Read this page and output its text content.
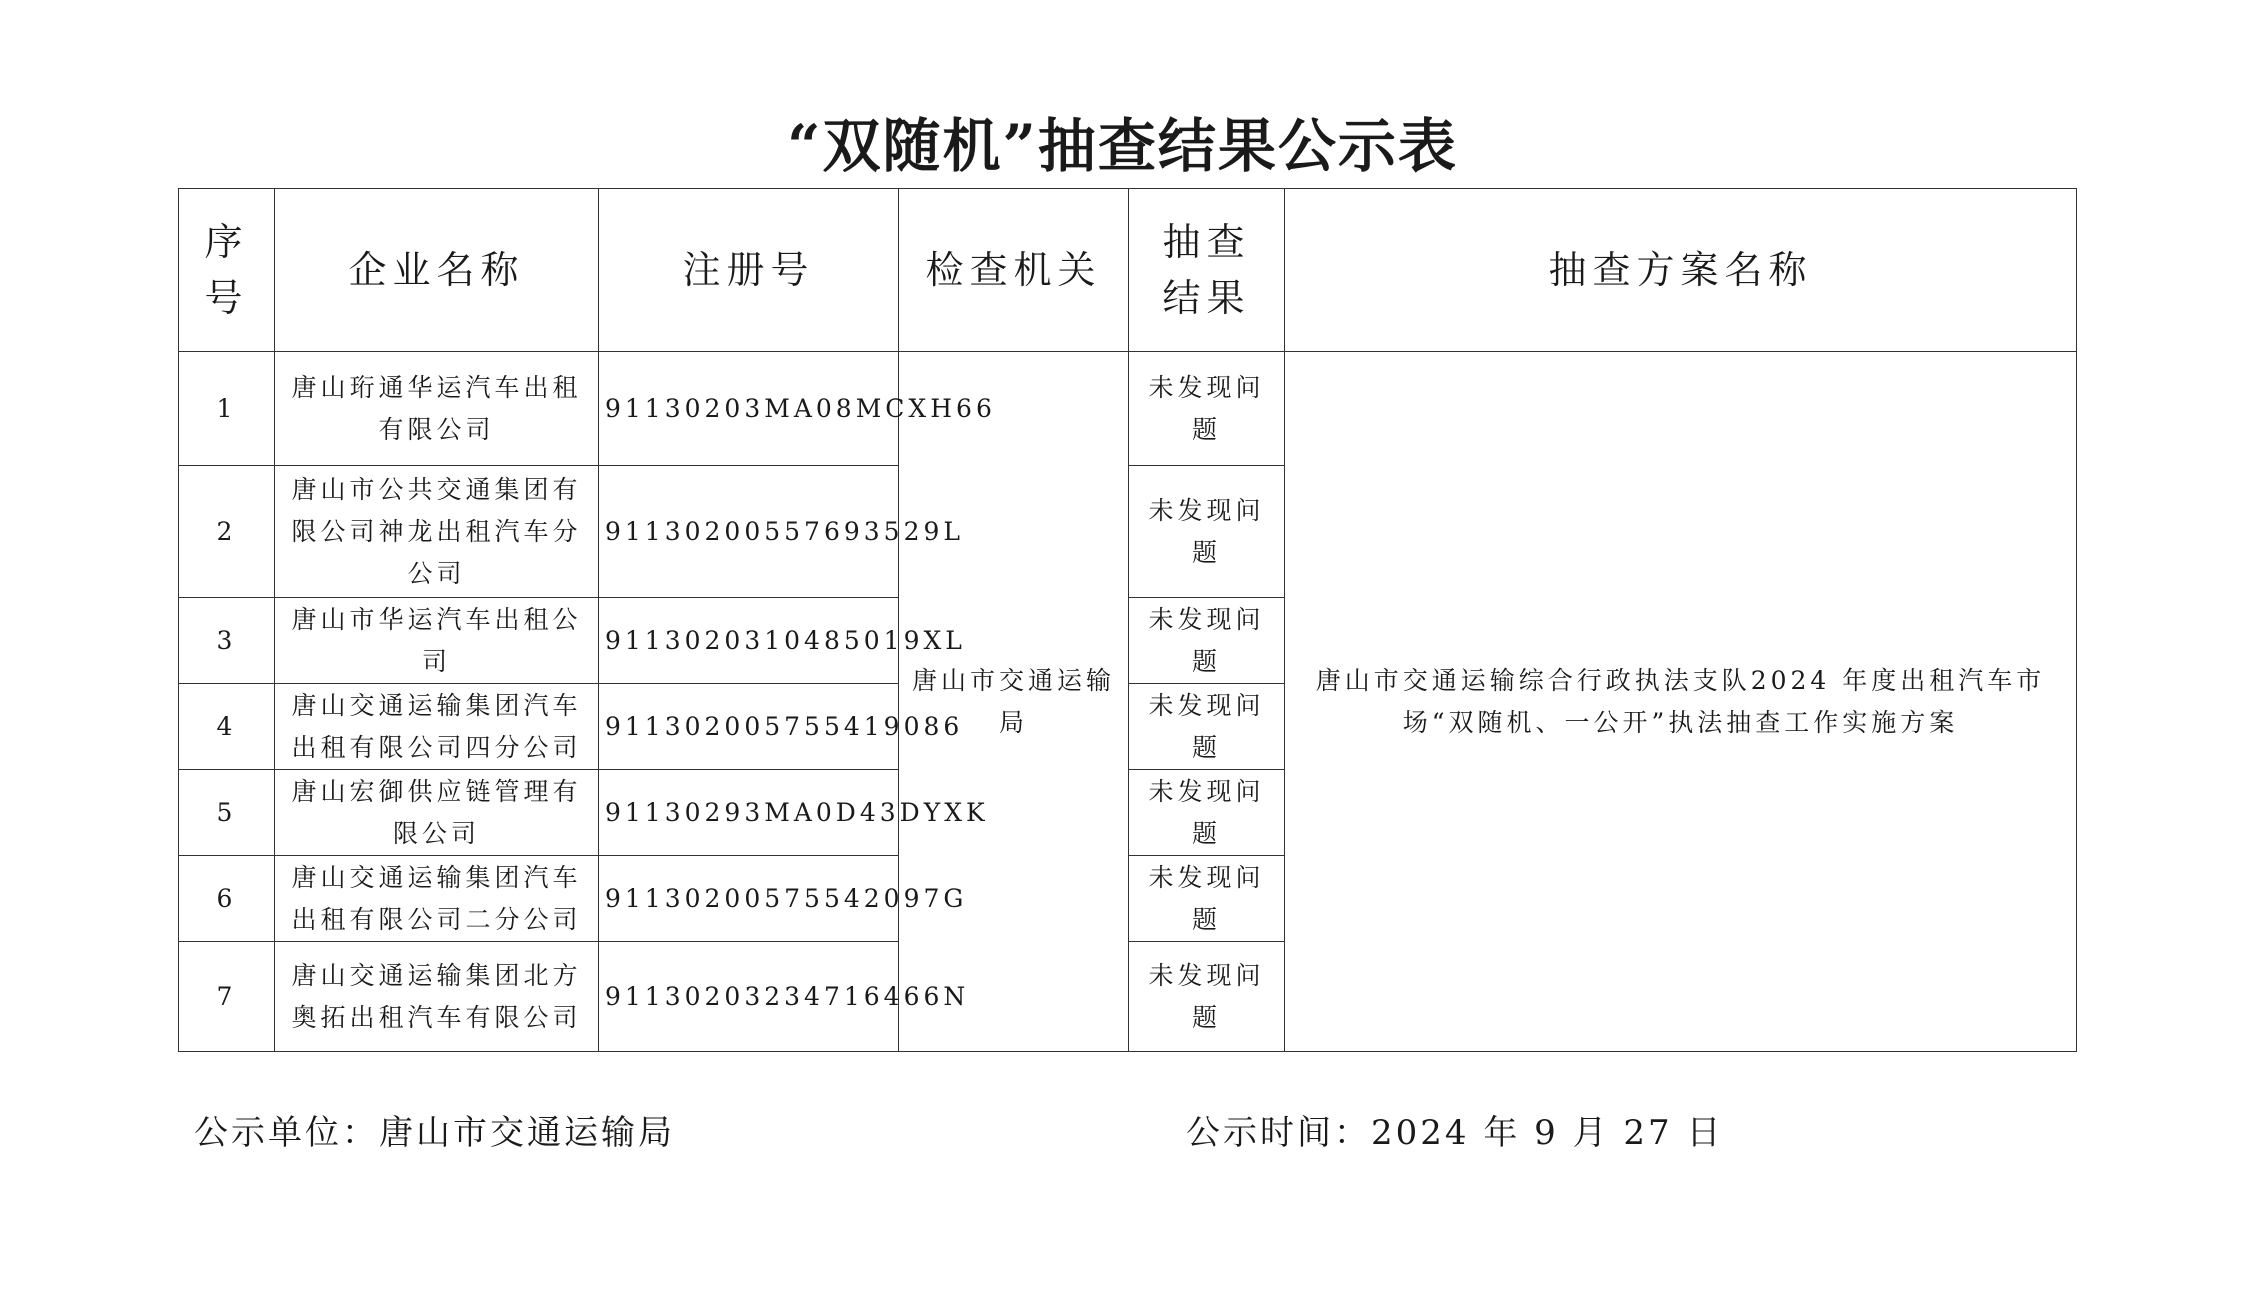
“双随机”抽查结果公示表
序号	企业名称	注册号	检查机关	抽查结果	抽查方案名称
1	唐山珩通华运汽车出租有限公司	91130203MA08MCXH66	唐山市交通运输局	未发现问题	唐山市交通运输综合行政执法支队2024 年度出租汽车市场“双随机、一公开”执法抽查工作实施方案
2	唐山市公共交通集团有限公司神龙出租汽车分公司	91130200557693529L		未发现问题	
3	唐山市华运汽车出租公司	9113020310485019XL		未发现问题	
4	唐山交通运输集团汽车出租有限公司四分公司	911302005755419086		未发现问题	
5	唐山宏御供应链管理有限公司	91130293MA0D43DYXK		未发现问题	
6	唐山交通运输集团汽车出租有限公司二分公司	91130200575542097G		未发现问题	
7	唐山交通运输集团北方奥拓出租汽车有限公司	91130203234716466N		未发现问题	
公示单位：唐山市交通运输局	公示时间：2024 年 9 月 27 日
